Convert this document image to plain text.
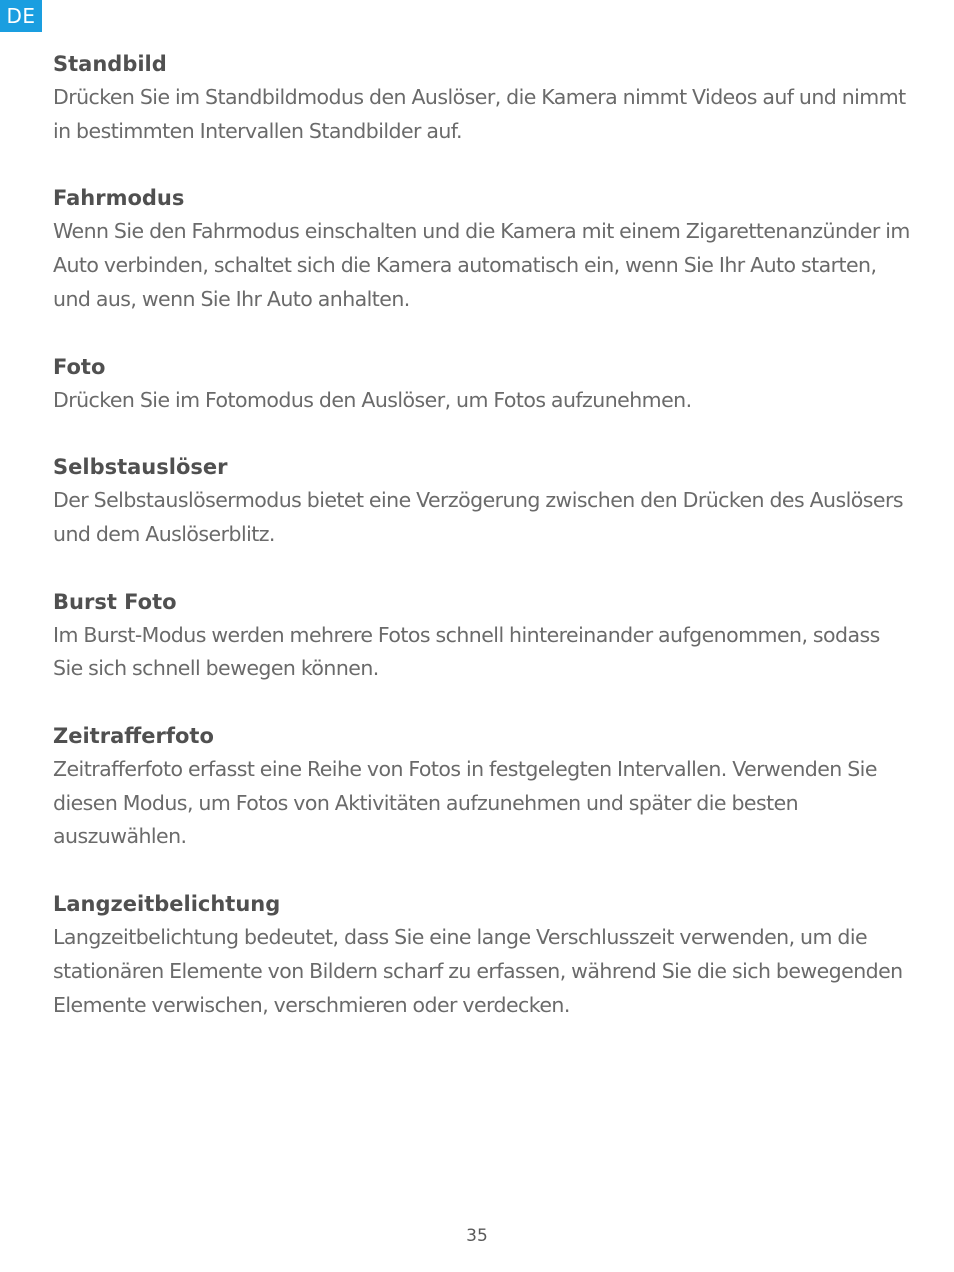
DE
Standbild

Drücken Sie im Standbildmodus den Auslöser, die Kamera nimmt Videos auf und nimmt in bestimmten Intervallen Standbilder auf.

Fahrmodus

Wenn Sie den Fahrmodus einschalten und die Kamera mit einem Zigarettenanzünder im Auto verbinden, schaltet sich die Kamera automatisch ein, wenn Sie Ihr Auto starten, und aus, wenn Sie Ihr Auto anhalten.

Foto

Drücken Sie im Fotomodus den Auslöser, um Fotos aufzunehmen.

Selbstauslöser

Der Selbstauslösermodus bietet eine Verzögerung zwischen den Drücken des Auslösers und dem Auslöserblitz.

Burst Foto

Im Burst-Modus werden mehrere Fotos schnell hintereinander aufgenommen, sodass Sie sich schnell bewegen können.

Zeitrafferfoto

Zeitrafferfoto erfasst eine Reihe von Fotos in festgelegten Intervallen. Verwenden Sie diesen Modus, um Fotos von Aktivitäten aufzunehmen und später die besten auszuwählen.

Langzeitbelichtung

Langzeitbelichtung bedeutet, dass Sie eine lange Verschlusszeit verwenden, um die stationären Elemente von Bildern scharf zu erfassen, während Sie die sich bewegenden Elemente verwischen, verschmieren oder verdecken.

35
